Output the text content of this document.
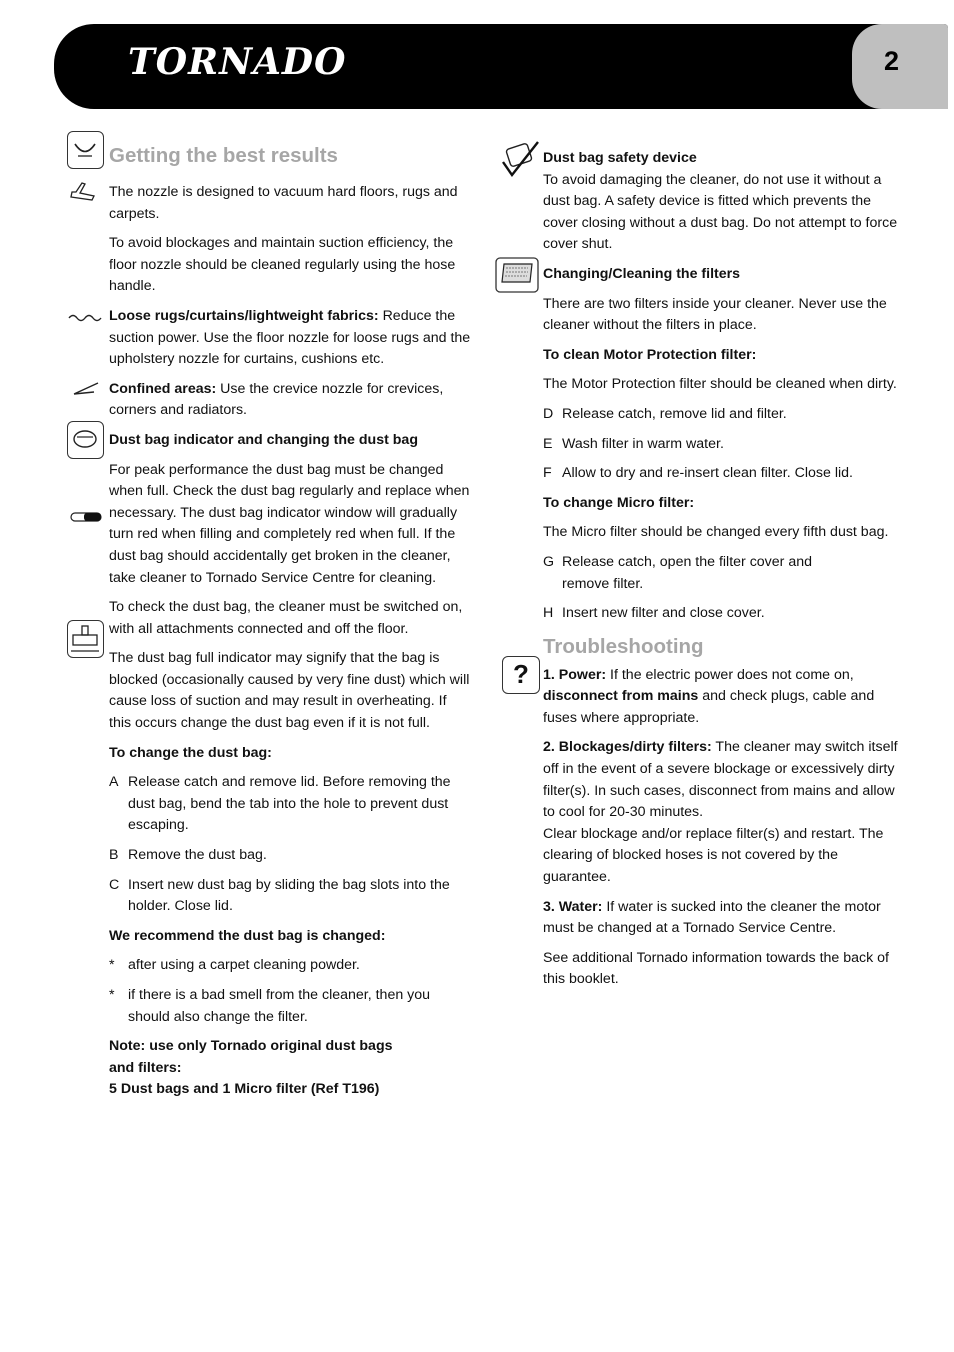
TORNADO	2
Getting the best results

The nozzle is designed to vacuum hard floors, rugs and carpets.

To avoid blockages and maintain suction efficiency, the floor nozzle should be cleaned regularly using the hose handle.

Loose rugs/curtains/lightweight fabrics: Reduce the suction power. Use the floor nozzle for loose rugs and the upholstery nozzle for curtains, cushions etc.

Confined areas: Use the crevice nozzle for crevices, corners and radiators.

Dust bag indicator and changing the dust bag

For peak performance the dust bag must be changed when full. Check the dust bag regularly and replace when necessary. The dust bag indicator window will gradually turn red when filling and completely red when full. If the dust bag should accidentally get broken in the cleaner, take cleaner to Tornado Service Centre for cleaning.

To check the dust bag, the cleaner must be switched on, with all attachments connected and off the floor.

The dust bag full indicator may signify that the bag is blocked (occasionally caused by very fine dust) which will cause loss of suction and may result in overheating. If this occurs change the dust bag even if it is not full.

To change the dust bag:

A Release catch and remove lid. Before removing the dust bag, bend the tab into the hole to prevent dust escaping.
B Remove the dust bag.
C Insert new dust bag by sliding the bag slots into the holder. Close lid.

We recommend the dust bag is changed:

* after using a carpet cleaning powder.
* if there is a bad smell from the cleaner, then you should also change the filter.

Note: use only Tornado original dust bags
and filters:
5 Dust bags and 1 Micro filter (Ref T196)

?

Dust bag safety device
To avoid damaging the cleaner, do not use it without a dust bag. A safety device is fitted which prevents the cover closing without a dust bag. Do not attempt to force cover shut.

Changing/Cleaning the filters

There are two filters inside your cleaner. Never use the cleaner without the filters in place.

To clean Motor Protection filter:

The Motor Protection filter should be cleaned when dirty.

D Release catch, remove lid and filter.
E Wash filter in warm water.
F Allow to dry and re-insert clean filter. Close lid.

To change Micro filter:

The Micro filter should be changed every fifth dust bag.

G Release catch, open the filter cover and remove filter.
H Insert new filter and close cover.
Troubleshooting

1. Power: If the electric power does not come on, disconnect from mains and check plugs, cable and fuses where appropriate.

2. Blockages/dirty filters: The cleaner may switch itself off in the event of a severe blockage or excessively dirty filter(s). In such cases, disconnect from mains and allow to cool for 20-30 minutes.
Clear blockage and/or replace filter(s) and restart. The clearing of blocked hoses is not covered by the guarantee.

3. Water: If water is sucked into the cleaner the motor must be changed at a Tornado Service Centre.

See additional Tornado information towards the back of this booklet.
